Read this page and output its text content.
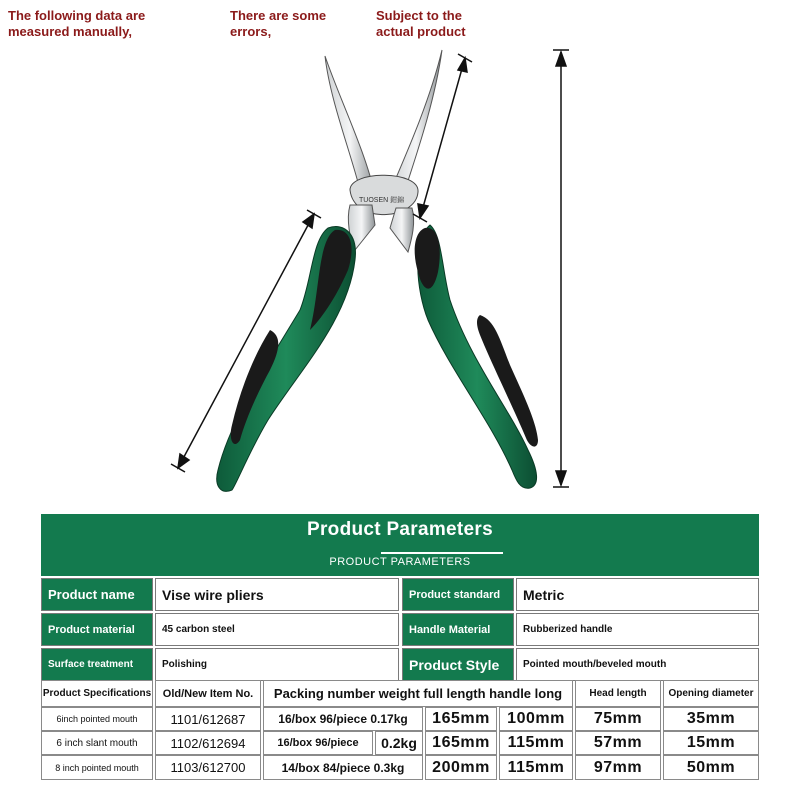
The following data are measured manually,
There are some errors,
Subject to the actual product
TUOSEN 鉗錦
Product Parameters
PRODUCT PARAMETERS
Product name	Vise wire pliers	Product standard	Metric
Product material	45 carbon steel	Handle Material	Rubberized handle
Surface treatment	Polishing	Product Style	Pointed mouth/beveled mouth
Product Specifications	Old/New Item No.	Packing number weight full length handle long	Head length	Opening diameter
6inch pointed mouth	1101/612687	16/box 96/piece 0.17kg	165mm	100mm	75mm	35mm
6 inch slant mouth	1102/612694	16/box 96/piece	0.2kg 165mm	115mm	57mm	15mm
8 inch pointed mouth	1103/612700	14/box 84/piece 0.3kg	200mm	115mm	97mm	50mm
